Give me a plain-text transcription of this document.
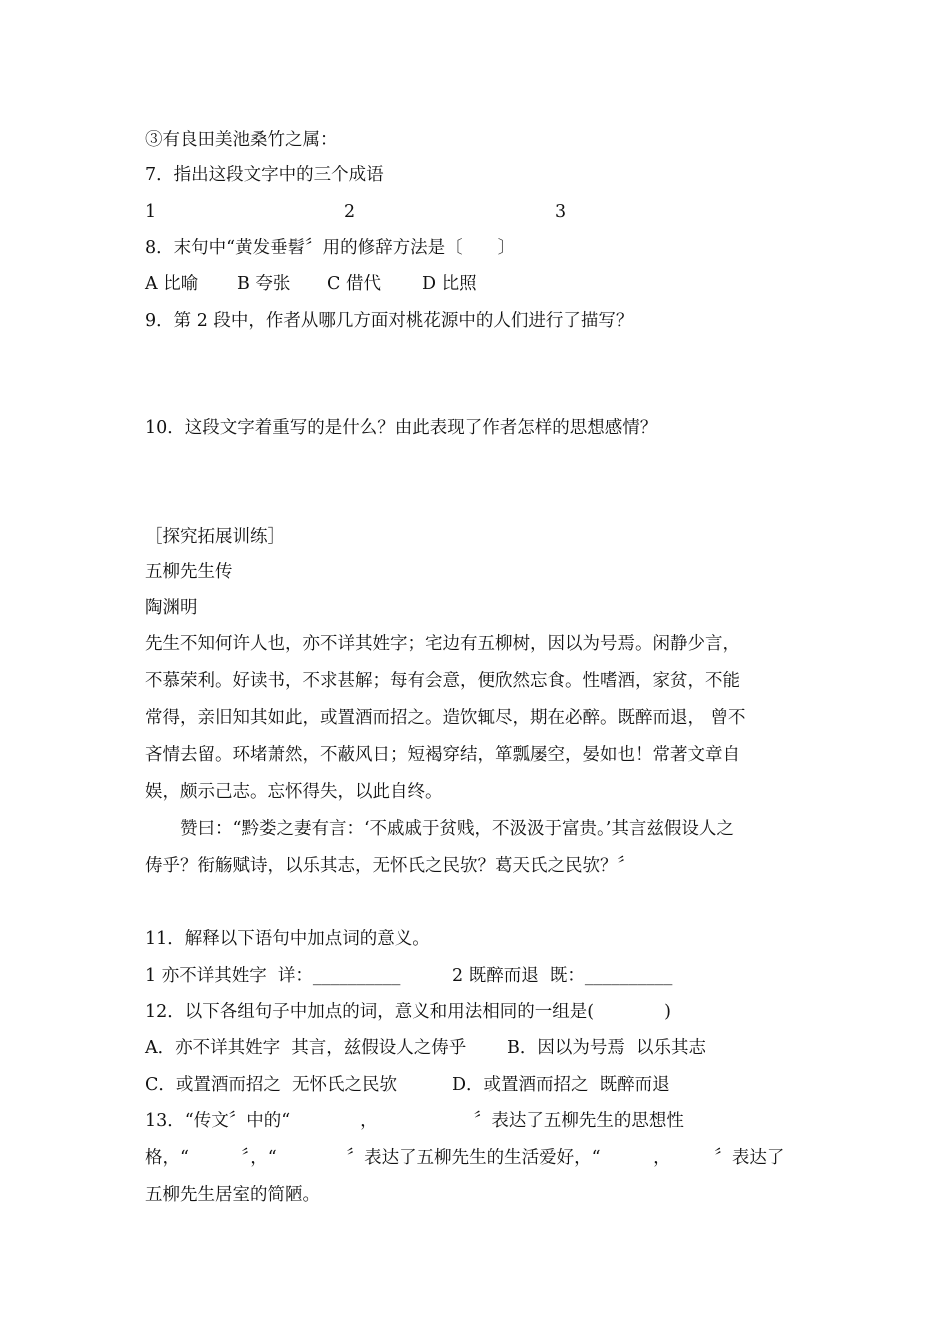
③有良田美池桑竹之属：
7．指出这段文字中的三个成语
1	2	3
8．末句中“黄发垂髫〞用的修辞方法是〔　　〕
A 比喻 B 夸张 C 借代 D 比照
9．第 2 段中，作者从哪几方面对桃花源中的人们进行了描写？
10．这段文字着重写的是什么？由此表现了作者怎样的思想感情？
［探究拓展训练］
五柳先生传
陶渊明
先生不知何许人也，亦不详其姓字；宅边有五柳树，因以为号焉。闲静少言，
不慕荣利。好读书，不求甚解；每有会意，便欣然忘食。性嗜酒，家贫，不能
常得，亲旧知其如此，或置酒而招之。造饮辄尽，期在必醉。既醉而退， 曾不
吝情去留。环堵萧然，不蔽风日；短褐穿结，箪瓢屡空，晏如也！常著文章自
娱，颇示己志。忘怀得失，以此自终。
　　赞曰：“黔娄之妻有言：‘不戚戚于贫贱，不汲汲于富贵。’其言兹假设人之
俦乎？衔觞赋诗，以乐其志，无怀氏之民欤？葛天氏之民欤？〞
11．解释以下语句中加点词的意义。
1 亦不详其姓字  详：__________	2 既醉而退  既：__________
12．以下各组句子中加点的词，意义和用法相同的一组是(　　　　)
A．亦不详其姓字  其言，兹假设人之俦乎 B．因以为号焉  以乐其志
C．或置酒而招之  无怀氏之民欤	D．或置酒而招之  既醉而退
13．“传文〞中的“　　　　，　　　　　　〞表达了五柳先生的思想性
格，“　　　〞，“　　　　〞表达了五柳先生的生活爱好，“　　　，　　　〞表达了
五柳先生居室的简陋。
